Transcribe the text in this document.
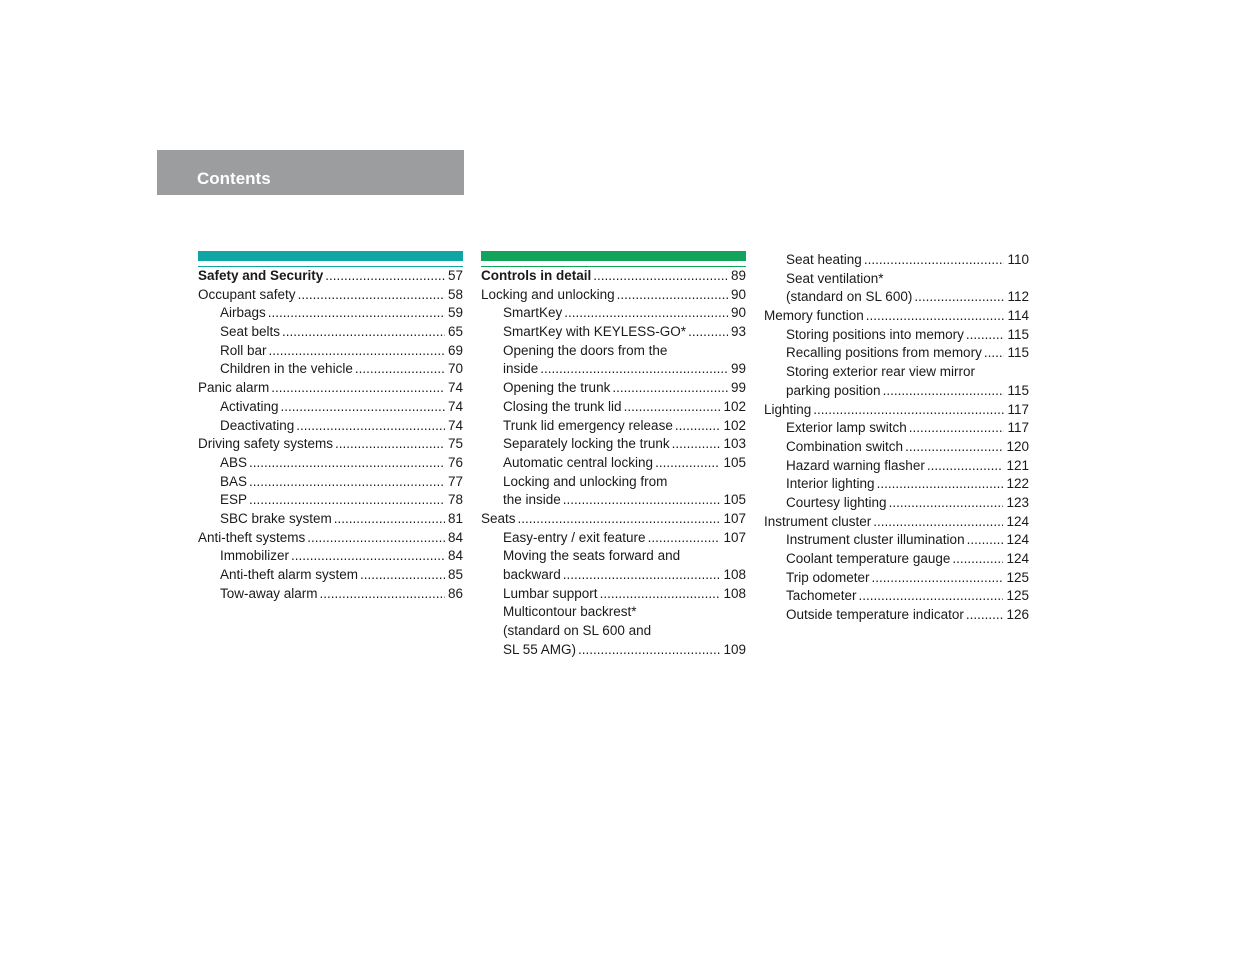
Contents
Safety and Security .....	57
Occupant safety .....	58
Airbags .....	59
Seat belts .....	65
Roll bar .....	69
Children in the vehicle .....	70
Panic alarm .....	74
Activating .....	74
Deactivating .....	74
Driving safety systems .....	75
ABS .....	76
BAS .....	77
ESP .....	78
SBC brake system .....	81
Anti-theft systems .....	84
Immobilizer .....	84
Anti-theft alarm system .....	85
Tow-away alarm .....	86
Controls in detail .....	89
Locking and unlocking .....	90
SmartKey .....	90
SmartKey with KEYLESS-GO* .....	93
Opening the doors from the
inside .....	99
Opening the trunk .....	99
Closing the trunk lid .....	102
Trunk lid emergency release .....	102
Separately locking the trunk .....	103
Automatic central locking .....	105
Locking and unlocking from
the inside .....	105
Seats .....	107
Easy-entry / exit feature .....	107
Moving the seats forward and
backward .....	108
Lumbar support .....	108
Multicontour backrest*
(standard on SL 600 and
SL 55 AMG) .....	109
Seat heating .....	110
Seat ventilation*
(standard on SL 600) .....	112
Memory function .....	114
Storing positions into memory .....	115
Recalling positions from memory ..... 115
Storing exterior rear view mirror
parking position .....	115
Lighting .....	117
Exterior lamp switch .....	117
Combination switch .....	120
Hazard warning flasher .....	121
Interior lighting .....	122
Courtesy lighting .....	123
Instrument cluster .....	124
Instrument cluster illumination .....	124
Coolant temperature gauge .....	124
Trip odometer .....	125
Tachometer .....	125
Outside temperature indicator .....	126
